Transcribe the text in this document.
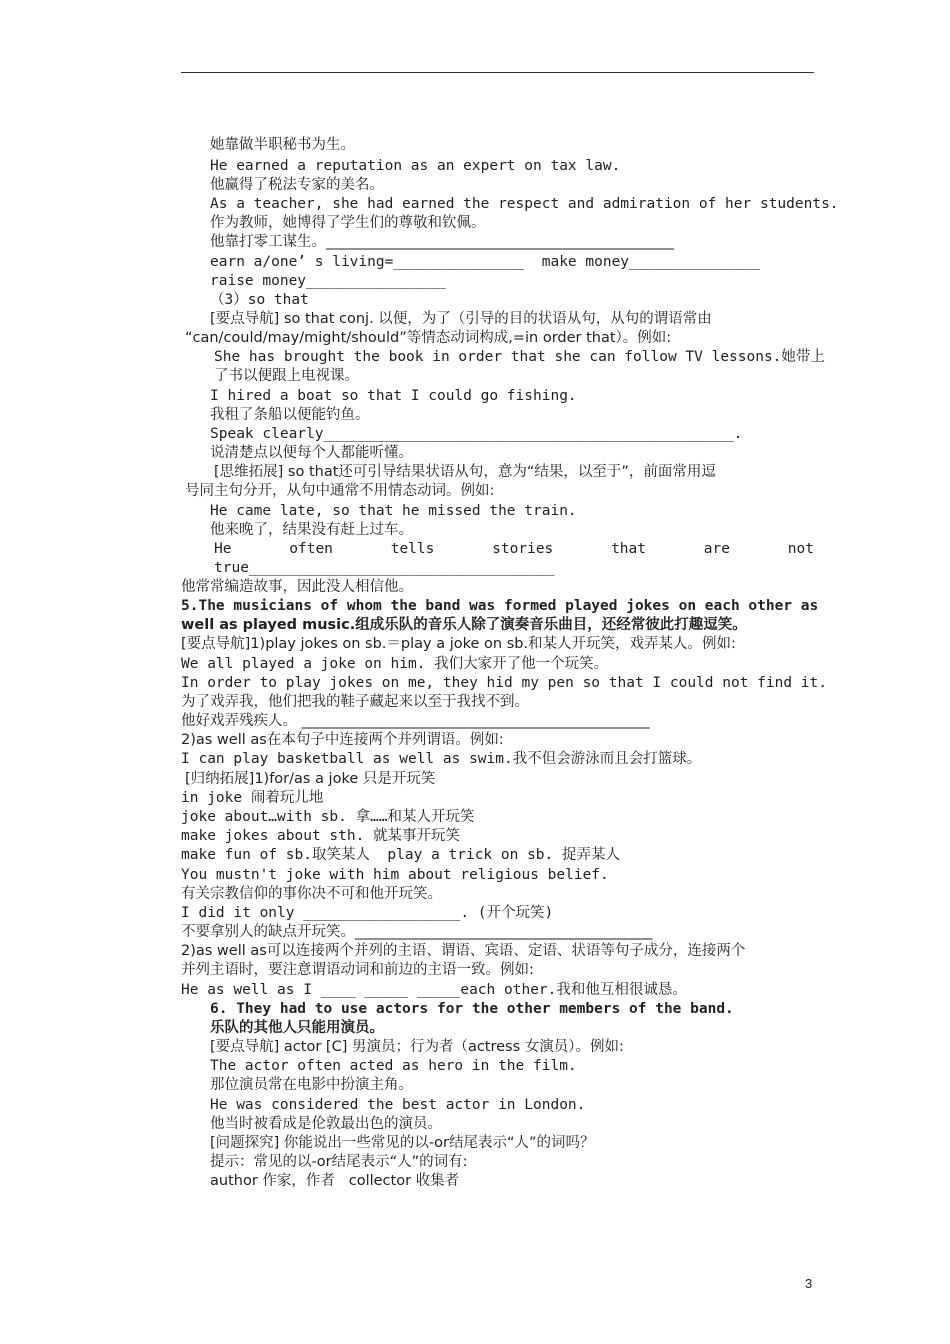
她靠做半职秘书为生。
He earned a reputation as an expert on tax law.
他赢得了税法专家的美名。
As a teacher, she had earned the respect and admiration of her students.
作为教师，她博得了学生们的尊敬和钦佩。
他靠打零工谋生。________________________________________________
earn a/one’ s living=_______________  make money_______________
raise money________________
（3）so that
[要点导航] so that conj. 以便，为了（引导的目的状语从句，从句的谓语常由
“can/could/may/might/should”等情态动词构成,=in order that）。例如:
She has brought the book in order that she can follow TV lessons.她带上
了书以便跟上电视课。
I hired a boat so that I could go fishing.
我租了条船以便能钓鱼。
Speak clearly_______________________________________________.
说清楚点以便每个人都能听懂。
[思维拓展] so that还可引导结果状语从句，意为“结果，以至于”，前面常用逗
号同主句分开，从句中通常不用情态动词。例如:
He came late, so that he missed the train.
他来晚了，结果没有赶上过车。
He	often	tells	stories	that	are	not
true___________________________________
他常常编造故事，因此没人相信他。
5.The musicians of whom the band was formed played jokes on each other as
well as played music.组成乐队的音乐人除了演奏音乐曲目，还经常彼此打趣逗笑。
[要点导航]1)play jokes on sb.＝play a joke on sb.和某人开玩笑，戏弄某人。例如:
We all played a joke on him. 我们大家开了他一个玩笑。
In order to play jokes on me, they hid my pen so that I could not find it.
为了戏弄我，他们把我的鞋子藏起来以至于我找不到。
他好戏弄残疾人。 ________________________________________________
2)as well as在本句子中连接两个并列谓语。例如:
I can play basketball as well as swim.我不但会游泳而且会打篮球。
[归纳拓展]1)for/as a joke 只是开玩笑
in joke 闹着玩儿地
joke about…with sb. 拿……和某人开玩笑
make jokes about sth. 就某事开玩笑
make fun of sb.取笑某人  play a trick on sb. 捉弄某人
You mustn't joke with him about religious belief.
有关宗教信仰的事你决不可和他开玩笑。
I did it only __________________. (开个玩笑)
不要拿别人的缺点开玩笑。_________________________________________
2)as well as可以连接两个并列的主语、谓语、宾语、定语、状语等句子成分，连接两个
并列主语时，要注意谓语动词和前边的主语一致。例如:
He as well as I ____ _____ _____each other.我和他互相很诚恳。
6. They had to use actors for the other members of the band.
乐队的其他人只能用演员。
[要点导航] actor [C] 男演员；行为者（actress 女演员）。例如:
The actor often acted as hero in the film.
那位演员常在电影中扮演主角。
He was considered the best actor in London.
他当时被看成是伦敦最出色的演员。
[问题探究] 你能说出一些常见的以-or结尾表示“人”的词吗？
提示：常见的以-or结尾表示“人”的词有:
author 作家，作者   collector 收集者
3
